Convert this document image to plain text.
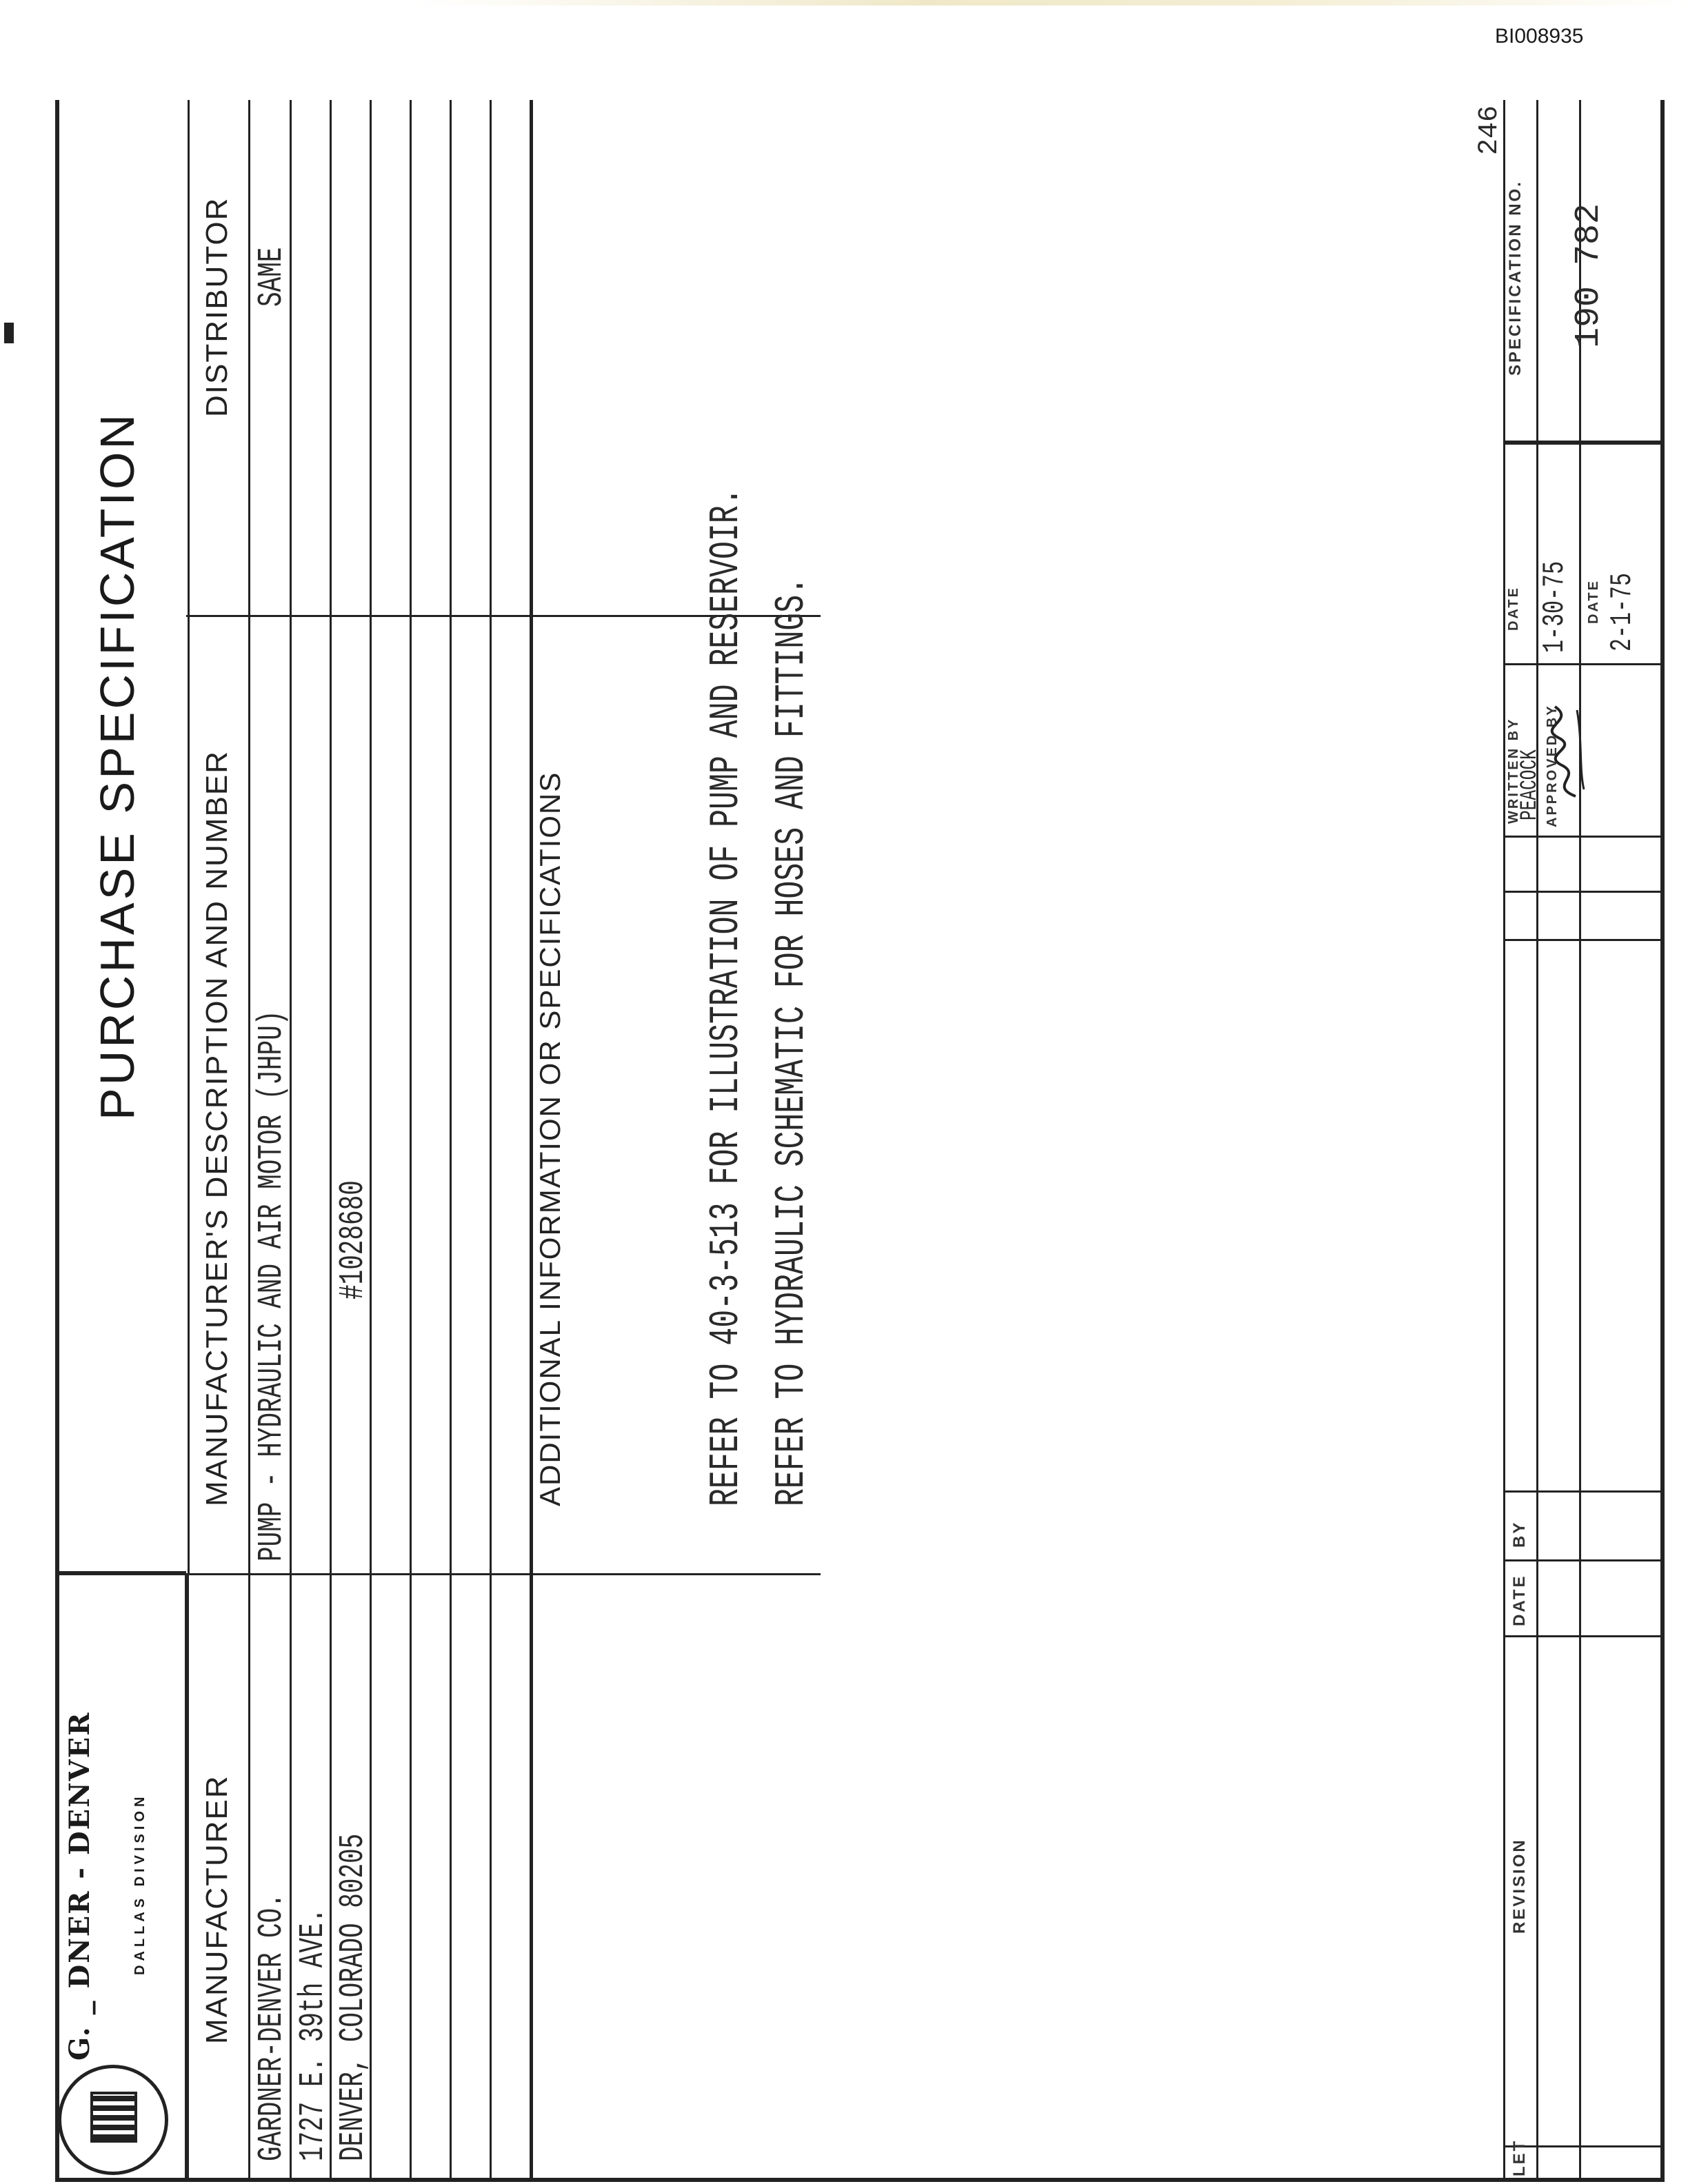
BI008935
G. _ DNER - DENVER	DALLAS DIVISION
PURCHASE SPECIFICATION
MANUFACTURER
MANUFACTURER'S DESCRIPTION AND NUMBER
DISTRIBUTOR
GARDNER-DENVER CO. 1727 E. 39th AVE. DENVER, COLORADO 80205
PUMP - HYDRAULIC AND AIR MOTOR (JHPU) #1028680
SAME
ADDITIONAL INFORMATION OR SPECIFICATIONS	REFER TO 40-3-513 FOR ILLUSTRATION OF PUMP AND RESERVOIR. REFER TO HYDRAULIC SCHEMATIC FOR HOSES AND FITTINGS.
LET
REVISION
DATE
BY
WRITTEN BY
PEACOCK
DATE 1-30-75
APPROVED BY
DATE 2-1-75
SPECIFICATION NO. 190 782
246
